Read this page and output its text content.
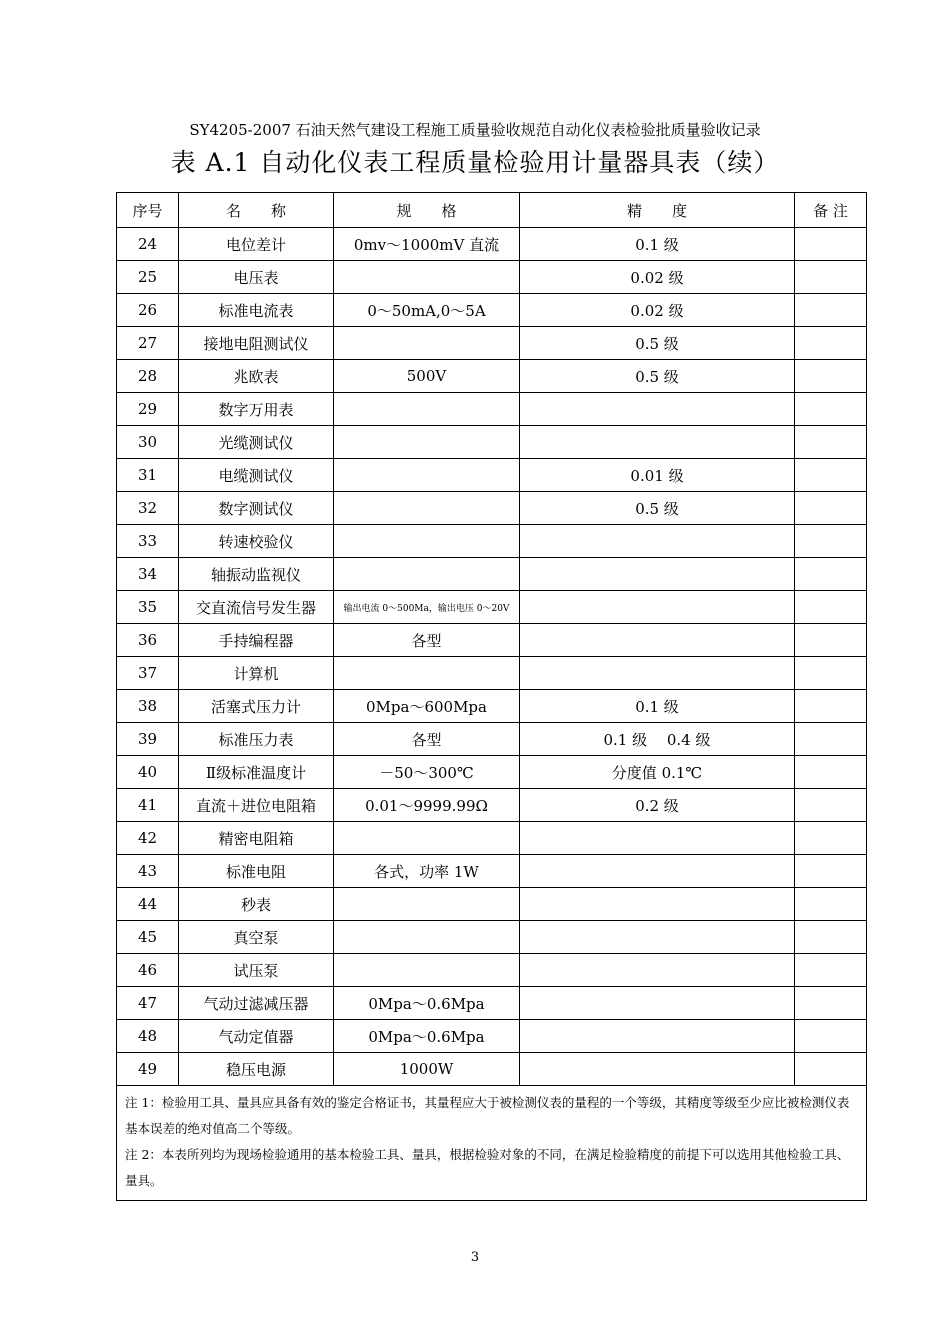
SY4205-2007 石油天然气建设工程施工质量验收规范自动化仪表检验批质量验收记录
表 A.1 自动化仪表工程质量检验用计量器具表（续）
序号	名　　称	规　　格	精　　度	备 注
24	电位差计	0mv～1000mV 直流	0.1 级	
25	电压表		0.02 级	
26	标准电流表	0～50mA,0～5A	0.02 级	
27	接地电阻测试仪		0.5 级	
28	兆欧表	500V	0.5 级	
29	数字万用表			
30	光缆测试仪			
31	电缆测试仪		0.01 级	
32	数字测试仪		0.5 级	
33	转速校验仪			
34	轴振动监视仪			
35	交直流信号发生器	输出电流 0～500Ma，输出电压 0～20V		
36	手持编程器	各型		
37	计算机			
38	活塞式压力计	0Mpa～600Mpa	0.1 级	
39	标准压力表	各型	0.1 级　 0.4 级	
40	Ⅱ级标准温度计	－50～300℃	分度值 0.1℃	
41	直流＋进位电阻箱	0.01～9999.99Ω	0.2 级	
42	精密电阻箱			
43	标准电阻	各式，功率 1W		
44	秒表			
45	真空泵			
46	试压泵			
47	气动过滤减压器	0Mpa～0.6Mpa		
48	气动定值器	0Mpa～0.6Mpa		
49	稳压电源	1000W		

注 1：检验用工具、量具应具备有效的鉴定合格证书，其量程应大于被检测仪表的量程的一个等级，其精度等级至少应比被检测仪表基本误差的绝对值高二个等级。
注 2：本表所列均为现场检验通用的基本检验工具、量具，根据检验对象的不同，在满足检验精度的前提下可以选用其他检验工具、量具。				
3
